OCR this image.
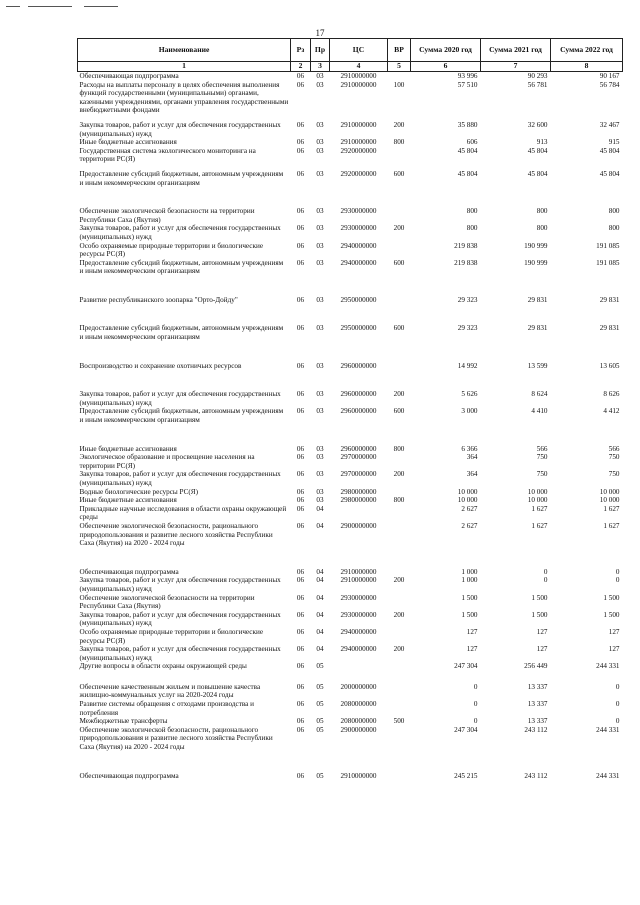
17
Наименование	Рз	Пр	ЦС	ВР	Сумма 2020 год	Сумма 2021 год	Сумма 2022 год
1	2	3	4	5	6	7	8
Обеспечивающая подпрограмма	06	03	2910000000		93 996	90 293	90 167
Расходы на выплаты персоналу в целях обеспечения выполнения функций государственными (муниципальными) органами, казенными учреждениями, органами управления государственными внебюджетными фондами	06	03	2910000000	100	57 510	56 781	56 784

Закупка товаров, работ и услуг для обеспечения государственных (муниципальных) нужд	06	03	2910000000	200	35 880	32 600	32 467
Иные бюджетные ассигнования	06	03	2910000000	800	606	913	915
Государственная система экологического мониторинга на территории РС(Я)	06	03	2920000000		45 804	45 804	45 804

Предоставление субсидий бюджетным, автономным учреждениям и иным некоммерческим организациям	06	03	2920000000	600	45 804	45 804	45 804

Обеспечение экологической безопасности на территории Республики Саха (Якутия)	06	03	2930000000		800	800	800
Закупка товаров, работ и услуг для обеспечения государственных (муниципальных) нужд	06	03	2930000000	200	800	800	800
Особо охраняемые природные территории и биологические ресурсы РС(Я)	06	03	2940000000		219 838	190 999	191 085
Предоставление субсидий бюджетным, автономным учреждениям и иным некоммерческим организациям	06	03	2940000000	600	219 838	190 999	191 085

Развитие республиканского зоопарка "Орто-Дойду"	06	03	2950000000		29 323	29 831	29 831

Предоставление субсидий бюджетным, автономным учреждениям и иным некоммерческим организациям	06	03	2950000000	600	29 323	29 831	29 831

Воспроизводство и сохранение охотничьих ресурсов	06	03	2960000000		14 992	13 599	13 605

Закупка товаров, работ и услуг для обеспечения государственных (муниципальных) нужд	06	03	2960000000	200	5 626	8 624	8 626
Предоставление субсидий бюджетным, автономным учреждениям и иным некоммерческим организациям	06	03	2960000000	600	3 000	4 410	4 412

Иные бюджетные ассигнования	06	03	2960000000	800	6 366	566	566
Экологическое образование и просвещение населения на территории РС(Я)	06	03	2970000000		364	750	750
Закупка товаров, работ и услуг для обеспечения государственных (муниципальных) нужд	06	03	2970000000	200	364	750	750
Водные биологические ресурсы РС(Я)	06	03	2980000000		10 000	10 000	10 000
Иные бюджетные ассигнования	06	03	2980000000	800	10 000	10 000	10 000
Прикладные научные исследования в области охраны окружающей среды	06	04			2 627	1 627	1 627
Обеспечение экологической безопасности, рационального природопользования и развитие лесного хозяйства Республики Саха (Якутия) на 2020 - 2024 годы	06	04	2900000000		2 627	1 627	1 627

Обеспечивающая подпрограмма	06	04	2910000000		1 000	0	0
Закупка товаров, работ и услуг для обеспечения государственных (муниципальных) нужд	06	04	2910000000	200	1 000	0	0
Обеспечение экологической безопасности на территории Республики Саха (Якутия)	06	04	2930000000		1 500	1 500	1 500
Закупка товаров, работ и услуг для обеспечения государственных (муниципальных) нужд	06	04	2930000000	200	1 500	1 500	1 500
Особо охраняемые природные территории и биологические ресурсы РС(Я)	06	04	2940000000		127	127	127
Закупка товаров, работ и услуг для обеспечения государственных (муниципальных) нужд	06	04	2940000000	200	127	127	127
Другие вопросы в области охраны окружающей среды	06	05			247 304	256 449	244 331

Обеспечение качественным жильем и повышение качества жилищно-коммунальных услуг на 2020-2024 годы	06	05	2000000000		0	13 337	0
Развитие системы обращения с отходами производства и потребления	06	05	2080000000		0	13 337	0
Межбюджетные трансферты	06	05	2080000000	500	0	13 337	0
Обеспечение экологической безопасности, рационального природопользования и развитие лесного хозяйства Республики Саха (Якутия) на 2020 - 2024 годы	06	05	2900000000		247 304	243 112	244 331

Обеспечивающая подпрограмма	06	05	2910000000		245 215	243 112	244 331
